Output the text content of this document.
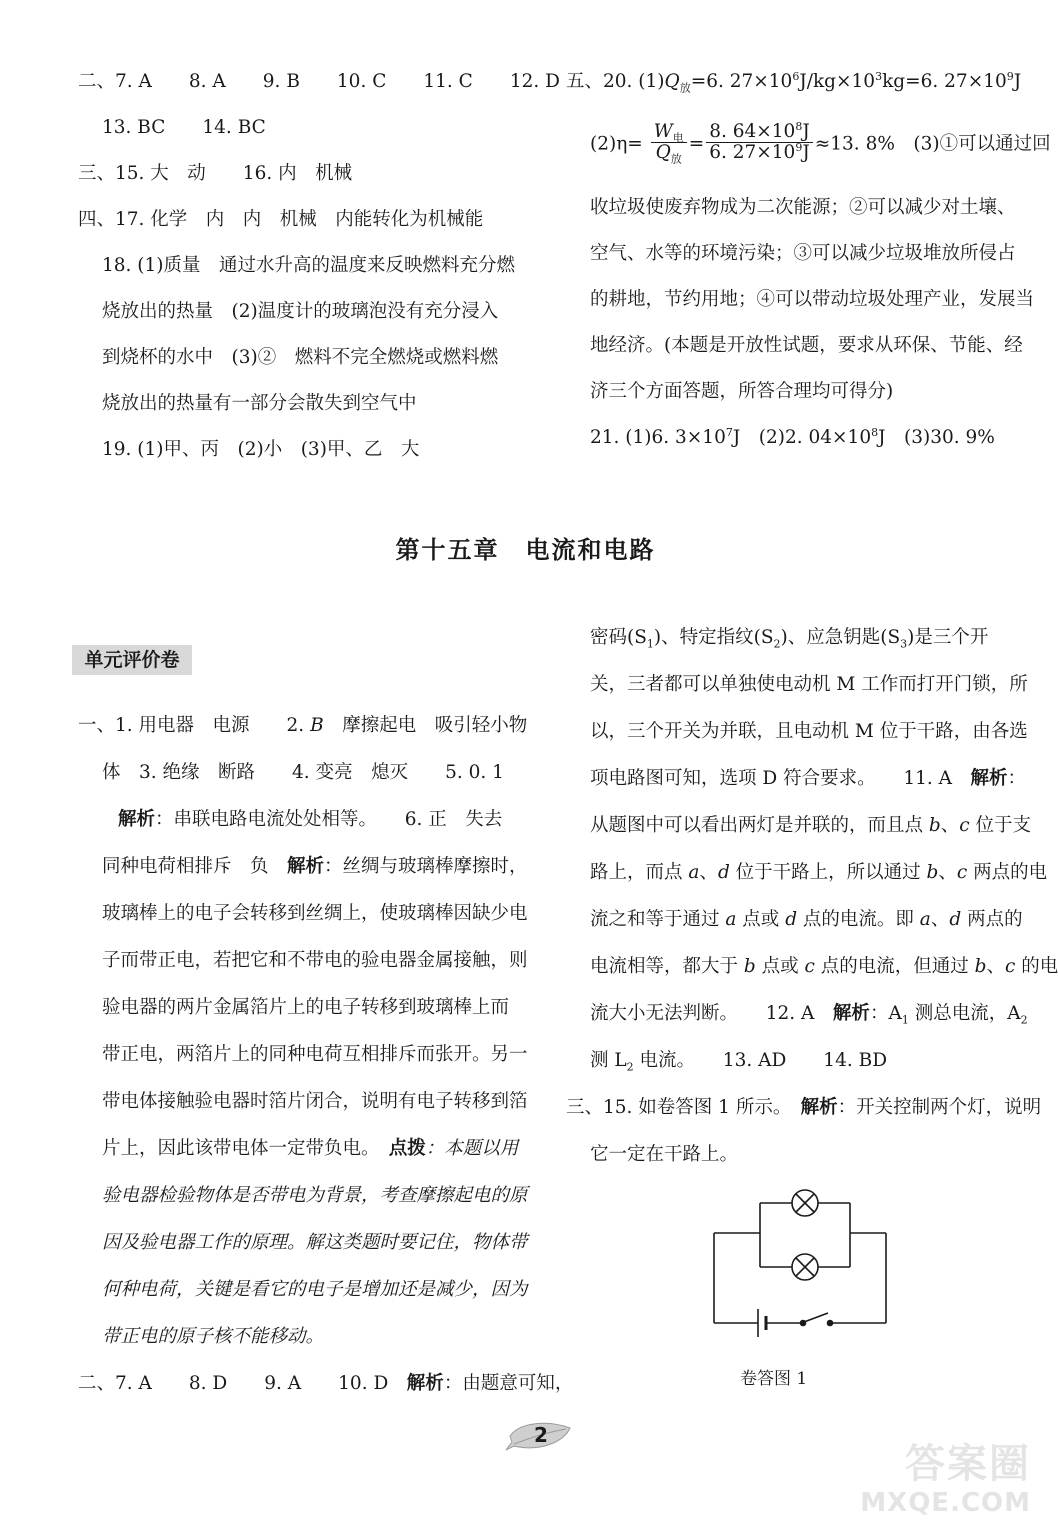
二、7. A　　8. A　　9. B　　10. C　　11. C　　12. D
13. BC　　14. BC
三、15. 大　动　　16. 内　机械
四、17. 化学　内　内　机械　内能转化为机械能
18. (1)质量　通过水升高的温度来反映燃料充分燃
烧放出的热量　(2)温度计的玻璃泡没有充分浸入
到烧杯的水中　(3)②　燃料不完全燃烧或燃料燃
烧放出的热量有一部分会散失到空气中
19. (1)甲、丙　(2)小　(3)甲、乙　大
五、20. $(1)Q_放=6$. $27\times 10^6J/kg\times 10^3kg=6$. $27\times 10^9J$
$(2)\eta= \frac{W_电}{Q_放} = \frac{8. 64\times 10^8J}{6. 27\times 10^9J} \approx 13$. 8%　(3)①可以通过回
收垃圾使废弃物成为二次能源；②可以减少对土壤、
空气、水等的环境污染；③可以减少垃圾堆放所侵占
的耕地，节约用地；④可以带动垃圾处理产业，发展当
地经济。(本题是开放性试题，要求从环保、节能、经
济三个方面答题，所答合理均可得分)
21. (1)6. $3\times 10^7J$　(2)2. $04\times 10^8J$　(3)30. 9%
第十五章　电流和电路
单元评价卷
一、1. 用电器　电源　　2. B　摩擦起电　吸引轻小物
体　3. 绝缘　断路　　4. 变亮　熄灭　　5. 0. 1
解析：串联电路电流处处相等。　　6. 正　失去
同种电荷相排斥　负　解析：丝绸与玻璃棒摩擦时，
玻璃棒上的电子会转移到丝绸上，使玻璃棒因缺少电
子而带正电，若把它和不带电的验电器金属接触，则
验电器的两片金属箔片上的电子转移到玻璃棒上而
带正电，两箔片上的同种电荷互相排斥而张开。另一
带电体接触验电器时箔片闭合，说明有电子转移到箔
片上，因此该带电体一定带负电。　点拨：本题以用
验电器检验物体是否带电为背景，考查摩擦起电的原
因及验电器工作的原理。解这类题时要记住，物体带
何种电荷，关键是看它的电子是增加还是减少，因为
带正电的原子核不能移动。
二、7. A　　8. D　　9. A　　10. D　解析：由题意可知，
密码$(S_1)$、特定指纹$(S_2)$、应急钥匙$(S_3)$是三个开
关，三者都可以单独使电动机 M 工作而打开门锁，所
以，三个开关为并联，且电动机 M 位于干路，由各选
项电路图可知，选项 D 符合要求。　　11. A　解析：
从题图中可以看出两灯是并联的，而且点 b、c 位于支
路上，而点 a、d 位于干路上，所以通过 b、c 两点的电
流之和等于通过 a 点或 d 点的电流。即 a、d 两点的
电流相等，都大于 b 点或 c 点的电流，但通过 b、c 的电
流大小无法判断。　　12. A　解析：$A_1$ 测总电流，$A_2$
测 $L_2$ 电流。　　13. AD　　14. BD
三、15. 如卷答图 1 所示。　解析：开关控制两个灯，说明
它一定在干路上。
卷答图 1
2
答案圈
MXQE.COM
